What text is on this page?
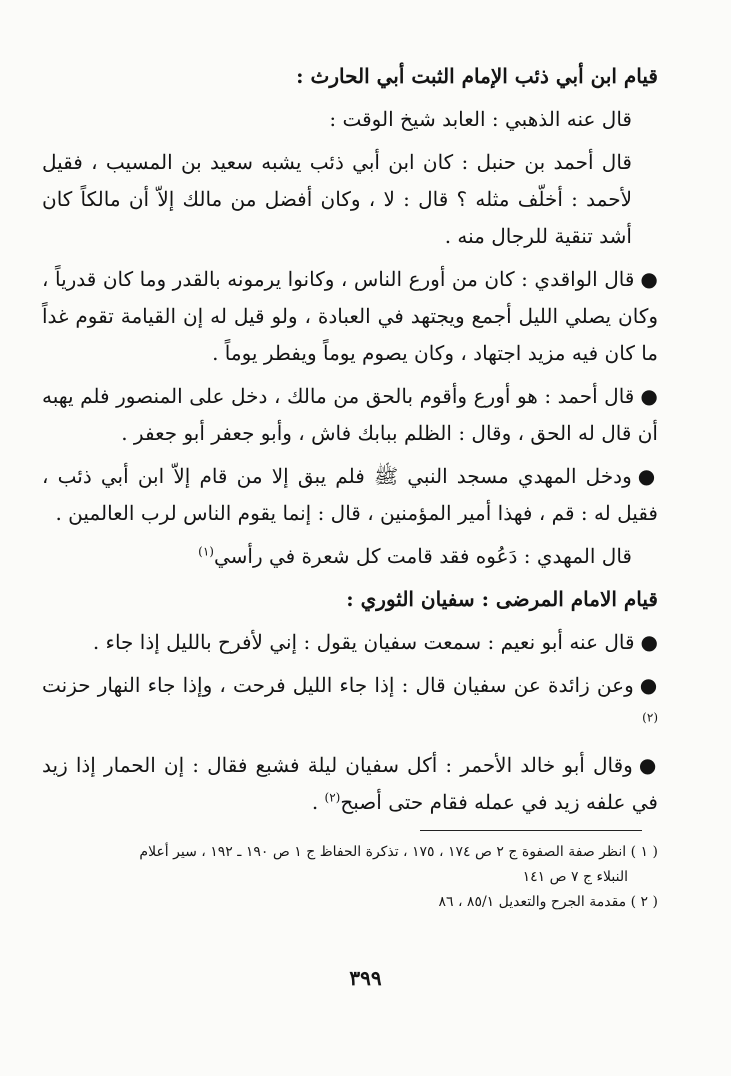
قيام ابن أبي ذئب الإمام الثبت أبي الحارث :

قال عنه الذهبي : العابد شيخ الوقت :

قال أحمد بن حنبل : كان ابن أبي ذئب يشبه سعيد بن المسيب ، فقيل لأحمد : أخلّف مثله ؟ قال : لا ، وكان أفضل من مالك إلاّ أن مالكاً كان أشد تنقية للرجال منه .

●قال الواقدي : كان من أورع الناس ، وكانوا يرمونه بالقدر وما كان قدرياً ، وكان يصلي الليل أجمع ويجتهد في العبادة ، ولو قيل له إن القيامة تقوم غداً ما كان فيه مزيد اجتهاد ، وكان يصوم يوماً ويفطر يوماً .

●قال أحمد : هو أورع وأقوم بالحق من مالك ، دخل على المنصور فلم يهبه أن قال له الحق ، وقال : الظلم ببابك فاش ، وأبو جعفر أبو جعفر .

●ودخل المهدي مسجد النبي ﷺ فلم يبق إلا من قام إلاّ ابن أبي ذئب ، فقيل له : قم ، فهذا أمير المؤمنين ، قال : إنما يقوم الناس لرب العالمين .

قال المهدي : دَعُوه فقد قامت كل شعرة في رأسي$^{(١)}$

قيام الامام المرضى : سفيان الثوري :

●قال عنه أبو نعيم : سمعت سفيان يقول : إني لأفرح بالليل إذا جاء .

●وعن زائدة عن سفيان قال : إذا جاء الليل فرحت ، وإذا جاء النهار حزنت $^{(٢)}$

●وقال أبو خالد الأحمر : أكل سفيان ليلة فشبع فقال : إن الحمار إذا زيد في علفه زيد في عمله فقام حتى أصبح$^{(٢)}$ .

( ١ ) انظر صفة الصفوة ج ٢ ص ١٧٤ ، ١٧٥ ، تذكرة الحفاظ ج ١ ص ١٩٠ ـ ١٩٢ ، سير أعلام
النبلاء ج ٧ ص ١٤١
( ٢ ) مقدمة الجرح والتعديل ٨٥/١ ، ٨٦
٣٩٩
